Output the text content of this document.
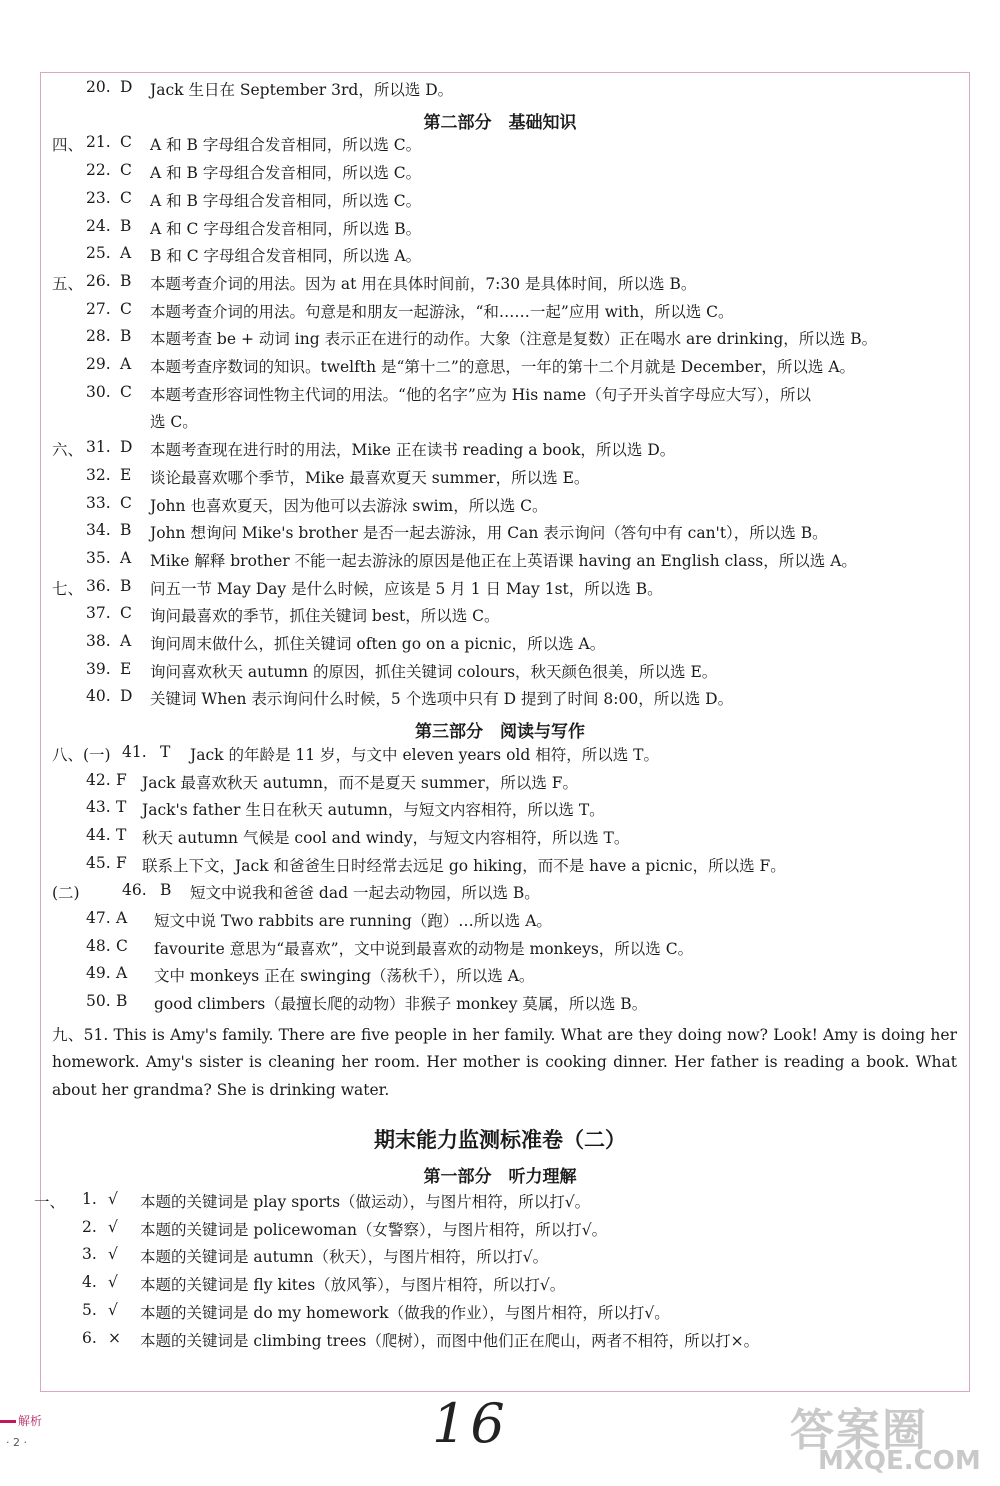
20. D	Jack 生日在 September 3rd，所以选 D。
第二部分　基础知识
四、 21. C	A 和 B 字母组合发音相同，所以选 C。
22. C	A 和 B 字母组合发音相同，所以选 C。
23. C	A 和 B 字母组合发音相同，所以选 C。
24. B	A 和 C 字母组合发音相同，所以选 B。
25. A	B 和 C 字母组合发音相同，所以选 A。
五、 26. B	本题考查介词的用法。因为 at 用在具体时间前，7:30 是具体时间，所以选 B。
27. C	本题考查介词的用法。句意是和朋友一起游泳，“和……一起”应用 with，所以选 C。
28. B	本题考查 be + 动词 ing 表示正在进行的动作。大象（注意是复数）正在喝水 are drinking，所以选 B。
29. A	本题考查序数词的知识。twelfth 是“第十二”的意思，一年的第十二个月就是 December，所以选 A。
30. C	本题考查形容词性物主代词的用法。“他的名字”应为 His name（句子开头首字母应大写），所以
选 C。
六、 31. D	本题考查现在进行时的用法，Mike 正在读书 reading a book，所以选 D。
32. E	谈论最喜欢哪个季节，Mike 最喜欢夏天 summer，所以选 E。
33. C	John 也喜欢夏天，因为他可以去游泳 swim，所以选 C。
34. B	John 想询问 Mike's brother 是否一起去游泳，用 Can 表示询问（答句中有 can't），所以选 B。
35. A	Mike 解释 brother 不能一起去游泳的原因是他正在上英语课 having an English class，所以选 A。
七、 36. B	问五一节 May Day 是什么时候，应该是 5 月 1 日 May 1st，所以选 B。
37. C	询问最喜欢的季节，抓住关键词 best，所以选 C。
38. A	询问周末做什么，抓住关键词 often go on a picnic，所以选 A。
39. E	询问喜欢秋天 autumn 的原因，抓住关键词 colours，秋天颜色很美，所以选 E。
40. D	关键词 When 表示询问什么时候，5 个选项中只有 D 提到了时间 8:00，所以选 D。
第三部分　阅读与写作
八、(一) 41. T	Jack 的年龄是 11 岁，与文中 eleven years old 相符，所以选 T。
42. F Jack 最喜欢秋天 autumn，而不是夏天 summer，所以选 F。
43. T	Jack's father 生日在秋天 autumn，与短文内容相符，所以选 T。
44. T	秋天 autumn 气候是 cool and windy，与短文内容相符，所以选 T。
45. F 联系上下文，Jack 和爸爸生日时经常去远足 go hiking，而不是 have a picnic，所以选 F。
(二)	46. B	短文中说我和爸爸 dad 一起去动物园，所以选 B。
47. A	短文中说 Two rabbits are running（跑）…所以选 A。
48. C	favourite 意思为“最喜欢”，文中说到最喜欢的动物是 monkeys，所以选 C。
49. A	文中 monkeys 正在 swinging（荡秋千），所以选 A。
50. B	good climbers（最擅长爬的动物）非猴子 monkey 莫属，所以选 B。
九、51. This is Amy's family. There are five people in her family. What are they doing now? Look! Amy is doing her homework. Amy's sister is cleaning her room. Her mother is cooking dinner. Her father is reading a book. What about her grandma? She is drinking water.
期末能力监测标准卷（二）
第一部分　听力理解
一、	1. √	本题的关键词是 play sports（做运动），与图片相符，所以打√。
2. √	本题的关键词是 policewoman（女警察），与图片相符，所以打√。
3. √	本题的关键词是 autumn（秋天），与图片相符，所以打√。
4. √	本题的关键词是 fly kites（放风筝），与图片相符，所以打√。
5. √	本题的关键词是 do my homework（做我的作业），与图片相符，所以打√。
6. ×	本题的关键词是 climbing trees（爬树），而图中他们正在爬山，两者不相符，所以打×。
解析
· 2 ·	16	答案圈
MXQE.COM
